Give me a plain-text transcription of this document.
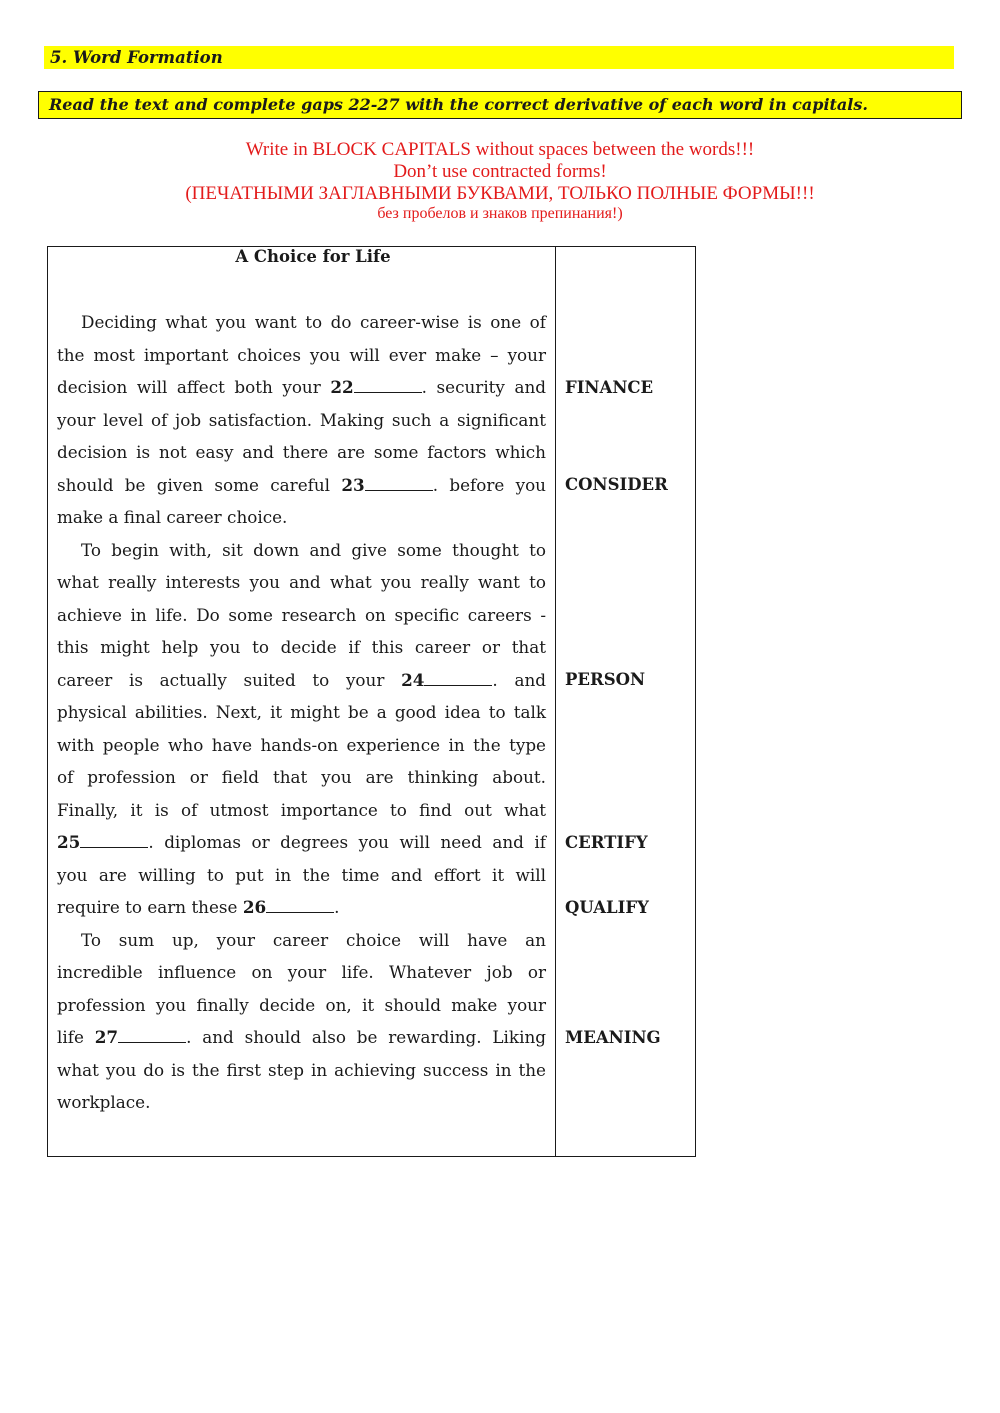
5. Word Formation
Read the text and complete gaps 22-27 with the correct derivative of each word in capitals.
Write in BLOCK CAPITALS without spaces between the words!!!
Don’t use contracted forms!
(ПЕЧАТНЫМИ ЗАГЛАВНЫМИ БУКВАМИ, ТОЛЬКО ПОЛНЫЕ ФОРМЫ!!!
без пробелов и знаков препинания!)
A Choice for Life
Deciding what you want to do career-wise is one of
the most important choices you will ever make – your
decision will affect both your 22	. security and
your level of job satisfaction. Making such a significant
decision is not easy and there are some factors which
should be given some careful 23	. before you
make a final career choice.
To begin with, sit down and give some thought to
what really interests you and what you really want to
achieve in life. Do some research on specific careers -
this might help you to decide if this career or that
career is actually suited to your 24	. and
physical abilities. Next, it might be a good idea to talk
with people who have hands-on experience in the type
of profession or field that you are thinking about.
Finally, it is of utmost importance to find out what
25	. diplomas or degrees you will need and if
you are willing to put in the time and effort it will
require to earn these 26	.
To sum up, your career choice will have an
incredible influence on your life. Whatever job or
profession you finally decide on, it should make your
life 27	. and should also be rewarding. Liking
what you do is the first step in achieving success in the
workplace.
FINANCE
CONSIDER
PERSON
CERTIFY
QUALIFY
MEANING
